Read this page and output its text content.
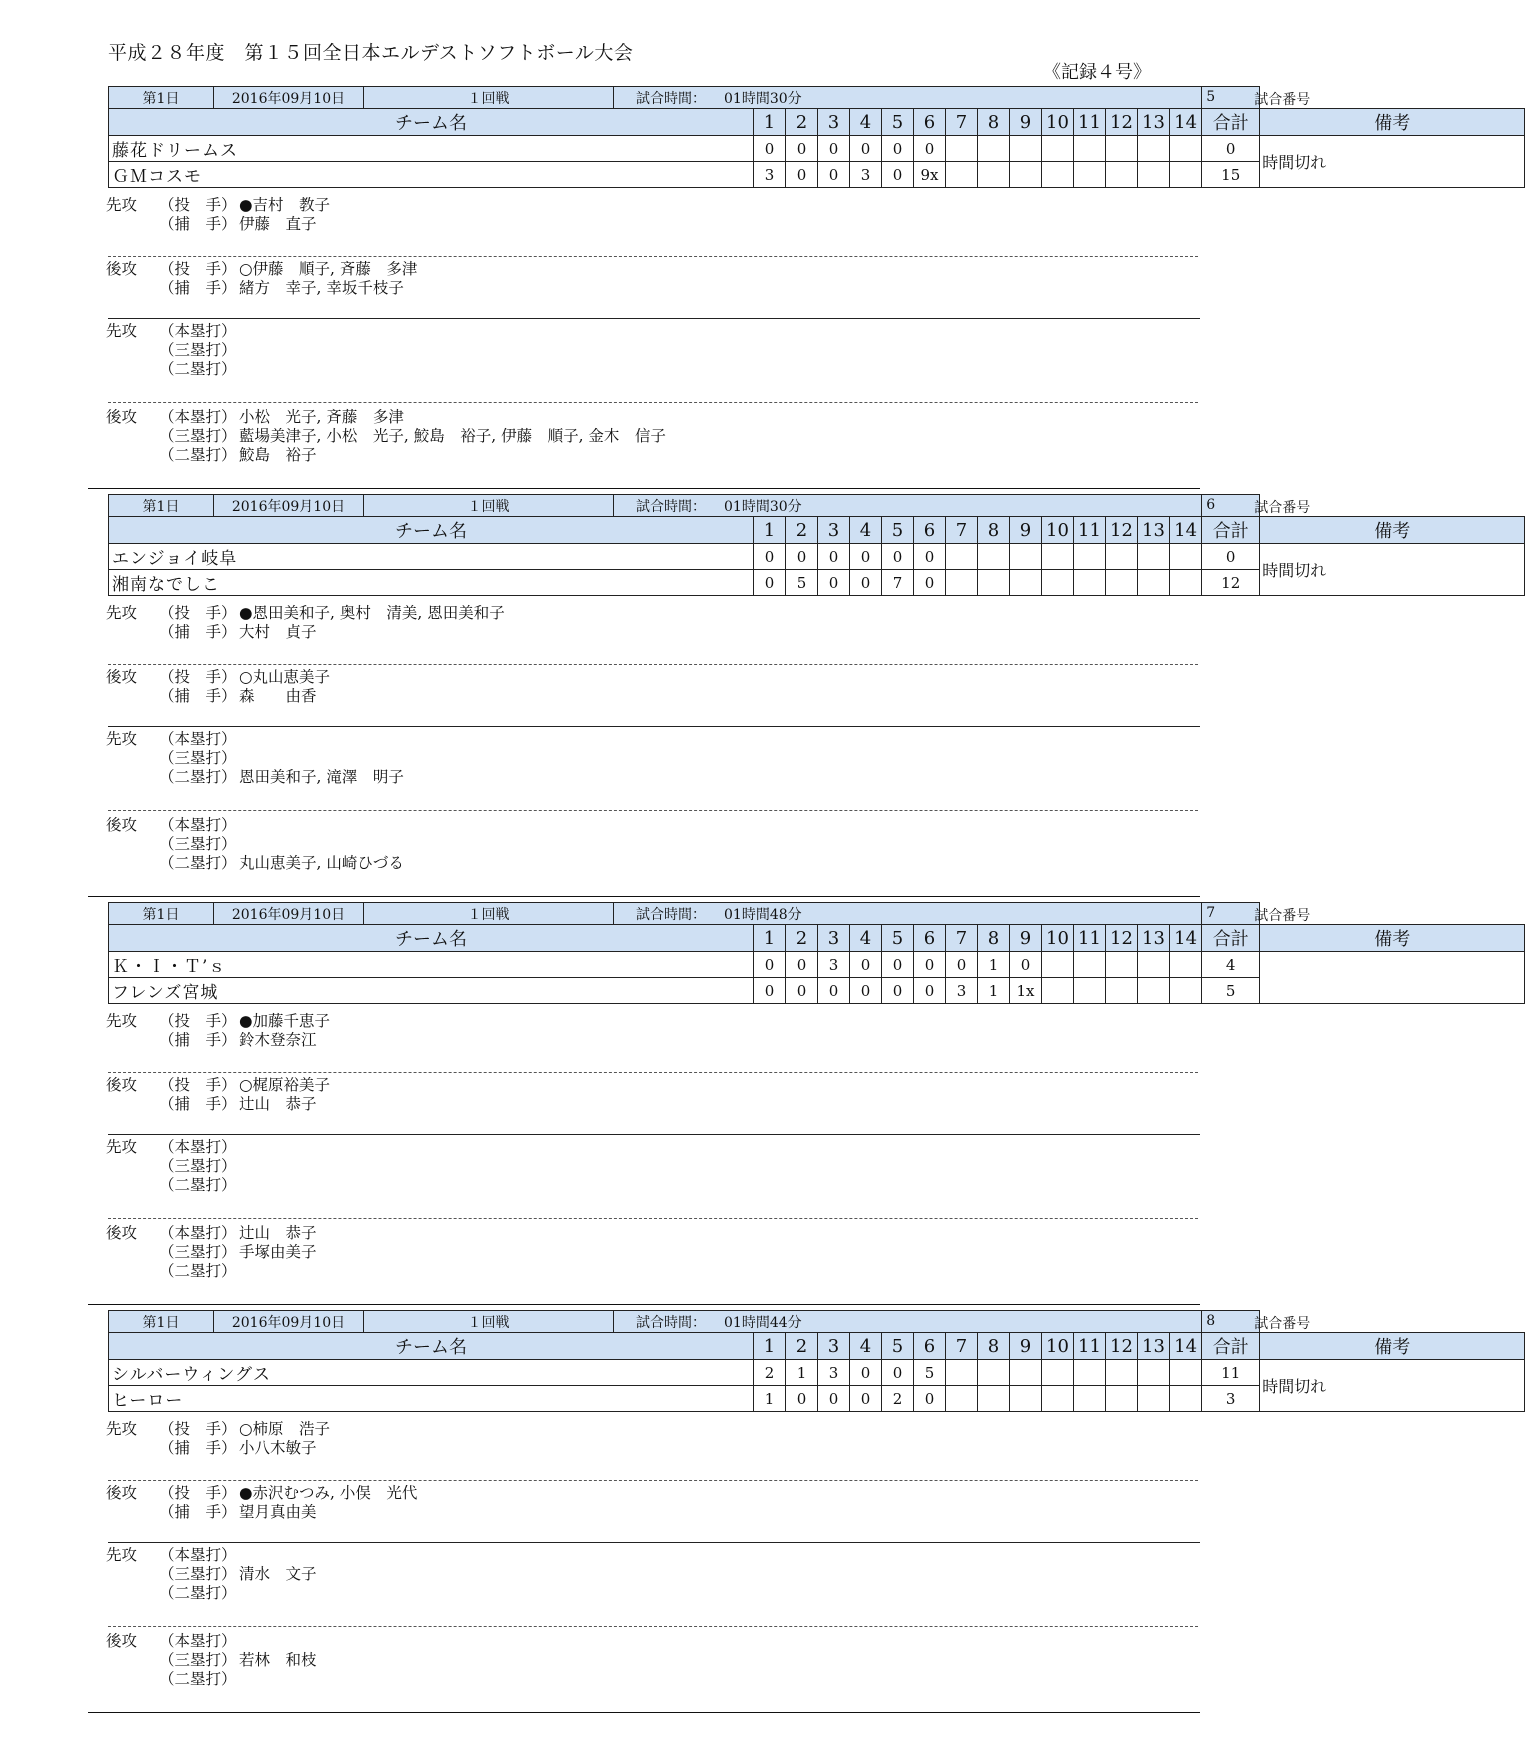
平成２８年度　第１５回全日本エルデストソフトボール大会
《記録４号》
第1日	2016年09月10日	１回戦	試合時間： 01時間30分															試合番号
5	

チーム名				1	2	3	4	5	6	7	8	9	10	11	12	13	14	合計	備考
藤花ドリームス				0	0	0	0	0	0									0	時間切れ
ＧＭコスモ				3	0	0	3	0	9x									15	
先攻	（投　手） ●吉村　教子
（捕　手） 伊藤　直子
後攻	（投　手） ○伊藤　順子, 斉藤　多津
（捕　手） 緒方　幸子, 幸坂千枝子
先攻	（本塁打）
（三塁打）
（二塁打）
後攻	（本塁打） 小松　光子, 斉藤　多津
（三塁打） 藍場美津子, 小松　光子, 鮫島　裕子, 伊藤　順子, 金木　信子
（二塁打） 鮫島　裕子
第1日	2016年09月10日	１回戦	試合時間： 01時間30分															試合番号
6	

チーム名				1	2	3	4	5	6	7	8	9	10	11	12	13	14	合計	備考
エンジョイ岐阜				0	0	0	0	0	0									0	時間切れ
湘南なでしこ				0	5	0	0	7	0									12	
先攻	（投　手） ●恩田美和子, 奥村　清美, 恩田美和子
（捕　手） 大村　貞子
後攻	（投　手） ○丸山恵美子
（捕　手） 森　　由香
先攻	（本塁打）
（三塁打）
（二塁打） 恩田美和子, 滝澤　明子
後攻	（本塁打）
（三塁打）
（二塁打） 丸山恵美子, 山崎ひづる
第1日	2016年09月10日	１回戦	試合時間： 01時間48分															試合番号
7	

チーム名				1	2	3	4	5	6	7	8	9	10	11	12	13	14	合計	備考
Ｋ・Ｉ・Ｔ’ｓ				0	0	3	0	0	0	0	1	0						4	
フレンズ宮城				0	0	0	0	0	0	3	1	1x						5	
先攻	（投　手） ●加藤千恵子
（捕　手） 鈴木登奈江
後攻	（投　手） ○梶原裕美子
（捕　手） 辻山　恭子
先攻	（本塁打）
（三塁打）
（二塁打）
後攻	（本塁打） 辻山　恭子
（三塁打） 手塚由美子
（二塁打）
第1日	2016年09月10日	１回戦	試合時間： 01時間44分															試合番号
8	

チーム名				1	2	3	4	5	6	7	8	9	10	11	12	13	14	合計	備考
シルバーウィングス				2	1	3	0	0	5									11	時間切れ
ヒーロー				1	0	0	0	2	0									3	
先攻	（投　手） ○柿原　浩子
（捕　手） 小八木敏子
後攻	（投　手） ●赤沢むつみ, 小俣　光代
（捕　手） 望月真由美
先攻	（本塁打）
（三塁打） 清水　文子
（二塁打）
後攻	（本塁打）
（三塁打） 若林　和枝
（二塁打）
